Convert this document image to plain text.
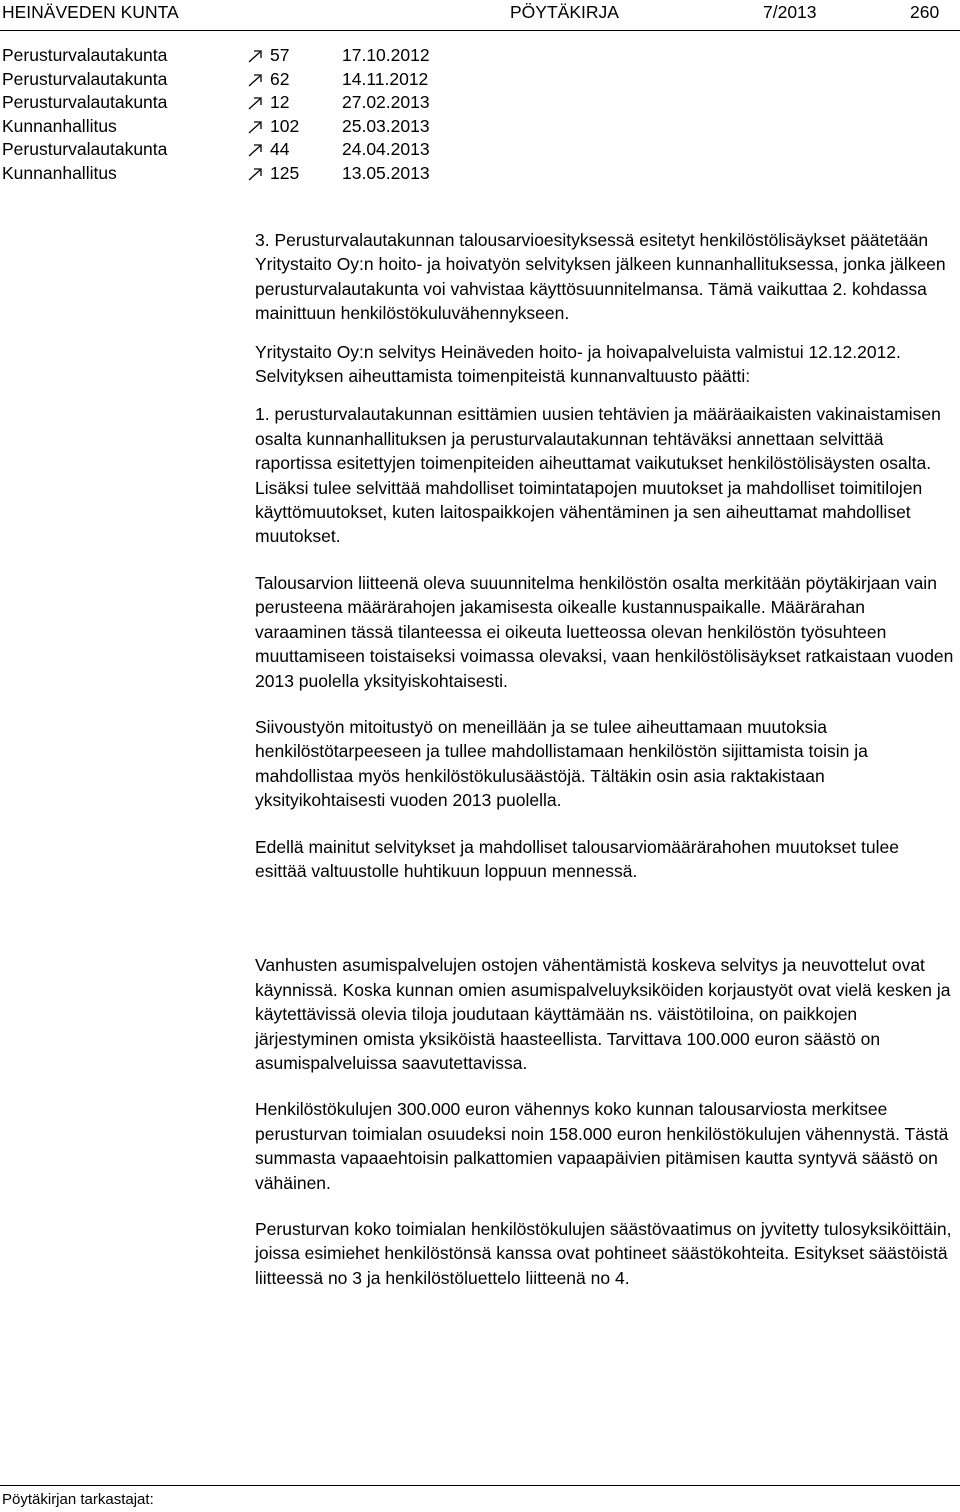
HEINÄVEDEN KUNTA	PÖYTÄKIRJA	7/2013	260
Perusturvalautakunta	57	17.10.2012
Perusturvalautakunta	62	14.11.2012
Perusturvalautakunta	12	27.02.2013
Kunnanhallitus	102 25.03.2013
Perusturvalautakunta	44	24.04.2013
Kunnanhallitus	125 13.05.2013

3. Perusturvalautakunnan talousarvioesityksessä esitetyt henkilöstölisäykset päätetään Yritystaito Oy:n hoito- ja hoivatyön selvityksen jälkeen kunnanhallituksessa, jonka jälkeen perusturvalautakunta voi vahvistaa käyttösuunnitelmansa. Tämä vaikuttaa 2. kohdassa mainittuun henkilöstökuluvähennykseen.

Yritystaito Oy:n selvitys Heinäveden hoito- ja hoivapalveluista valmistui 12.12.2012. Selvityksen aiheuttamista toimenpiteistä kunnanvaltuusto päätti:

1. perusturvalautakunnan esittämien uusien tehtävien ja määräaikaisten vakinaistamisen osalta kunnanhallituksen ja perusturvalautakunnan tehtäväksi annettaan selvittää raportissa esitettyjen toimenpiteiden aiheuttamat vaikutukset henkilöstölisäysten osalta. Lisäksi tulee selvittää mahdolliset toimintatapojen muutokset ja mahdolliset toimitilojen käyttömuutokset, kuten laitospaikkojen vähentäminen ja sen aiheuttamat mahdolliset muutokset.

Talousarvion liitteenä oleva suuunnitelma henkilöstön osalta merkitään pöytäkirjaan vain perusteena määrärahojen jakamisesta oikealle kustannuspaikalle. Määrärahan varaaminen tässä tilanteessa ei oikeuta luetteossa olevan henkilöstön työsuhteen muuttamiseen toistaiseksi voimassa olevaksi, vaan henkilöstölisäykset ratkaistaan vuoden 2013 puolella yksityiskohtaisesti.

Siivoustyön mitoitustyö on meneillään ja se tulee aiheuttamaan muutoksia henkilöstötarpeeseen ja tullee mahdollistamaan henkilöstön sijittamista toisin ja mahdollistaa myös henkilöstökulusäästöjä. Tältäkin osin asia raktakistaan yksityikohtaisesti vuoden 2013 puolella.

Edellä mainitut selvitykset ja mahdolliset talousarviomäärärahohen muutokset tulee esittää valtuustolle huhtikuun loppuun mennessä.

Vanhusten asumispalvelujen ostojen vähentämistä koskeva selvitys ja neuvottelut ovat käynnissä. Koska kunnan omien asumispalveluyksiköiden korjaustyöt ovat vielä kesken ja käytettävissä olevia tiloja joudutaan käyttämään ns. väistötiloina, on paikkojen järjestyminen omista yksiköistä haasteellista. Tarvittava 100.000 euron säästö on asumispalveluissa saavutettavissa.

Henkilöstökulujen 300.000 euron vähennys koko kunnan talousarviosta merkitsee perusturvan toimialan osuudeksi noin 158.000 euron henkilöstökulujen vähennystä. Tästä summasta vapaaehtoisin palkattomien vapaapäivien pitämisen kautta syntyvä säästö on vähäinen.

Perusturvan koko toimialan henkilöstökulujen säästövaatimus on jyvitetty tulosyksiköittäin, joissa esimiehet henkilöstönsä kanssa ovat pohtineet säästökohteita. Esitykset säästöistä liitteessä no 3 ja henkilöstöluettelo liitteenä no 4.

Pöytäkirjan tarkastajat:
